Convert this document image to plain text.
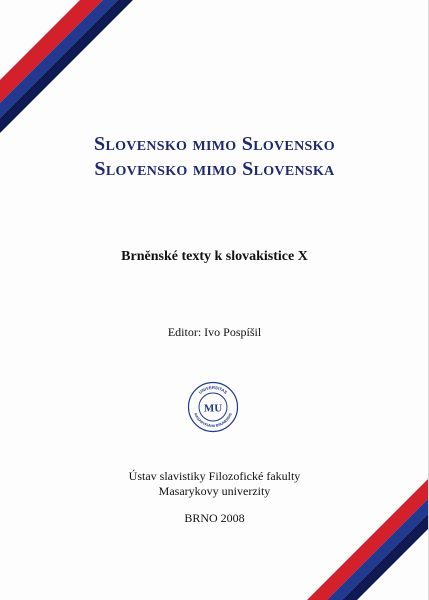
Slovensko mimo Slovensko
Slovensko mimo Slovenska
Brněnské texty k slovakistice X
Editor: Ivo Pospíšil
UNIVERSITAS
MASARYKIANA BRUNENSIS
MU
Ústav slavistiky Filozofické fakulty
Masarykovy univerzity
BRNO 2008
